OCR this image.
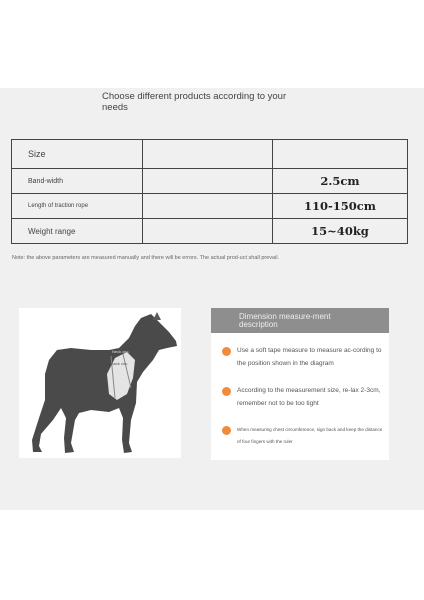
Choose different products according to your needs
Size		
Band-width		2.5cm
Length of traction rope		110-150cm
Weight range		15~40kg
Note: the above parameters are measured manually and there will be errors. The actual prod-uct shall prevail.
Neck circ.
Back circ.
Dimension measure-ment description
Use a soft tape measure to measure ac-cording to the position shown in the diagram
According to the measurement size, re-lax 2-3cm, remember not to be too tight
When measuring chest circumference, sign back and keep the distance of four fingers with the ruler
